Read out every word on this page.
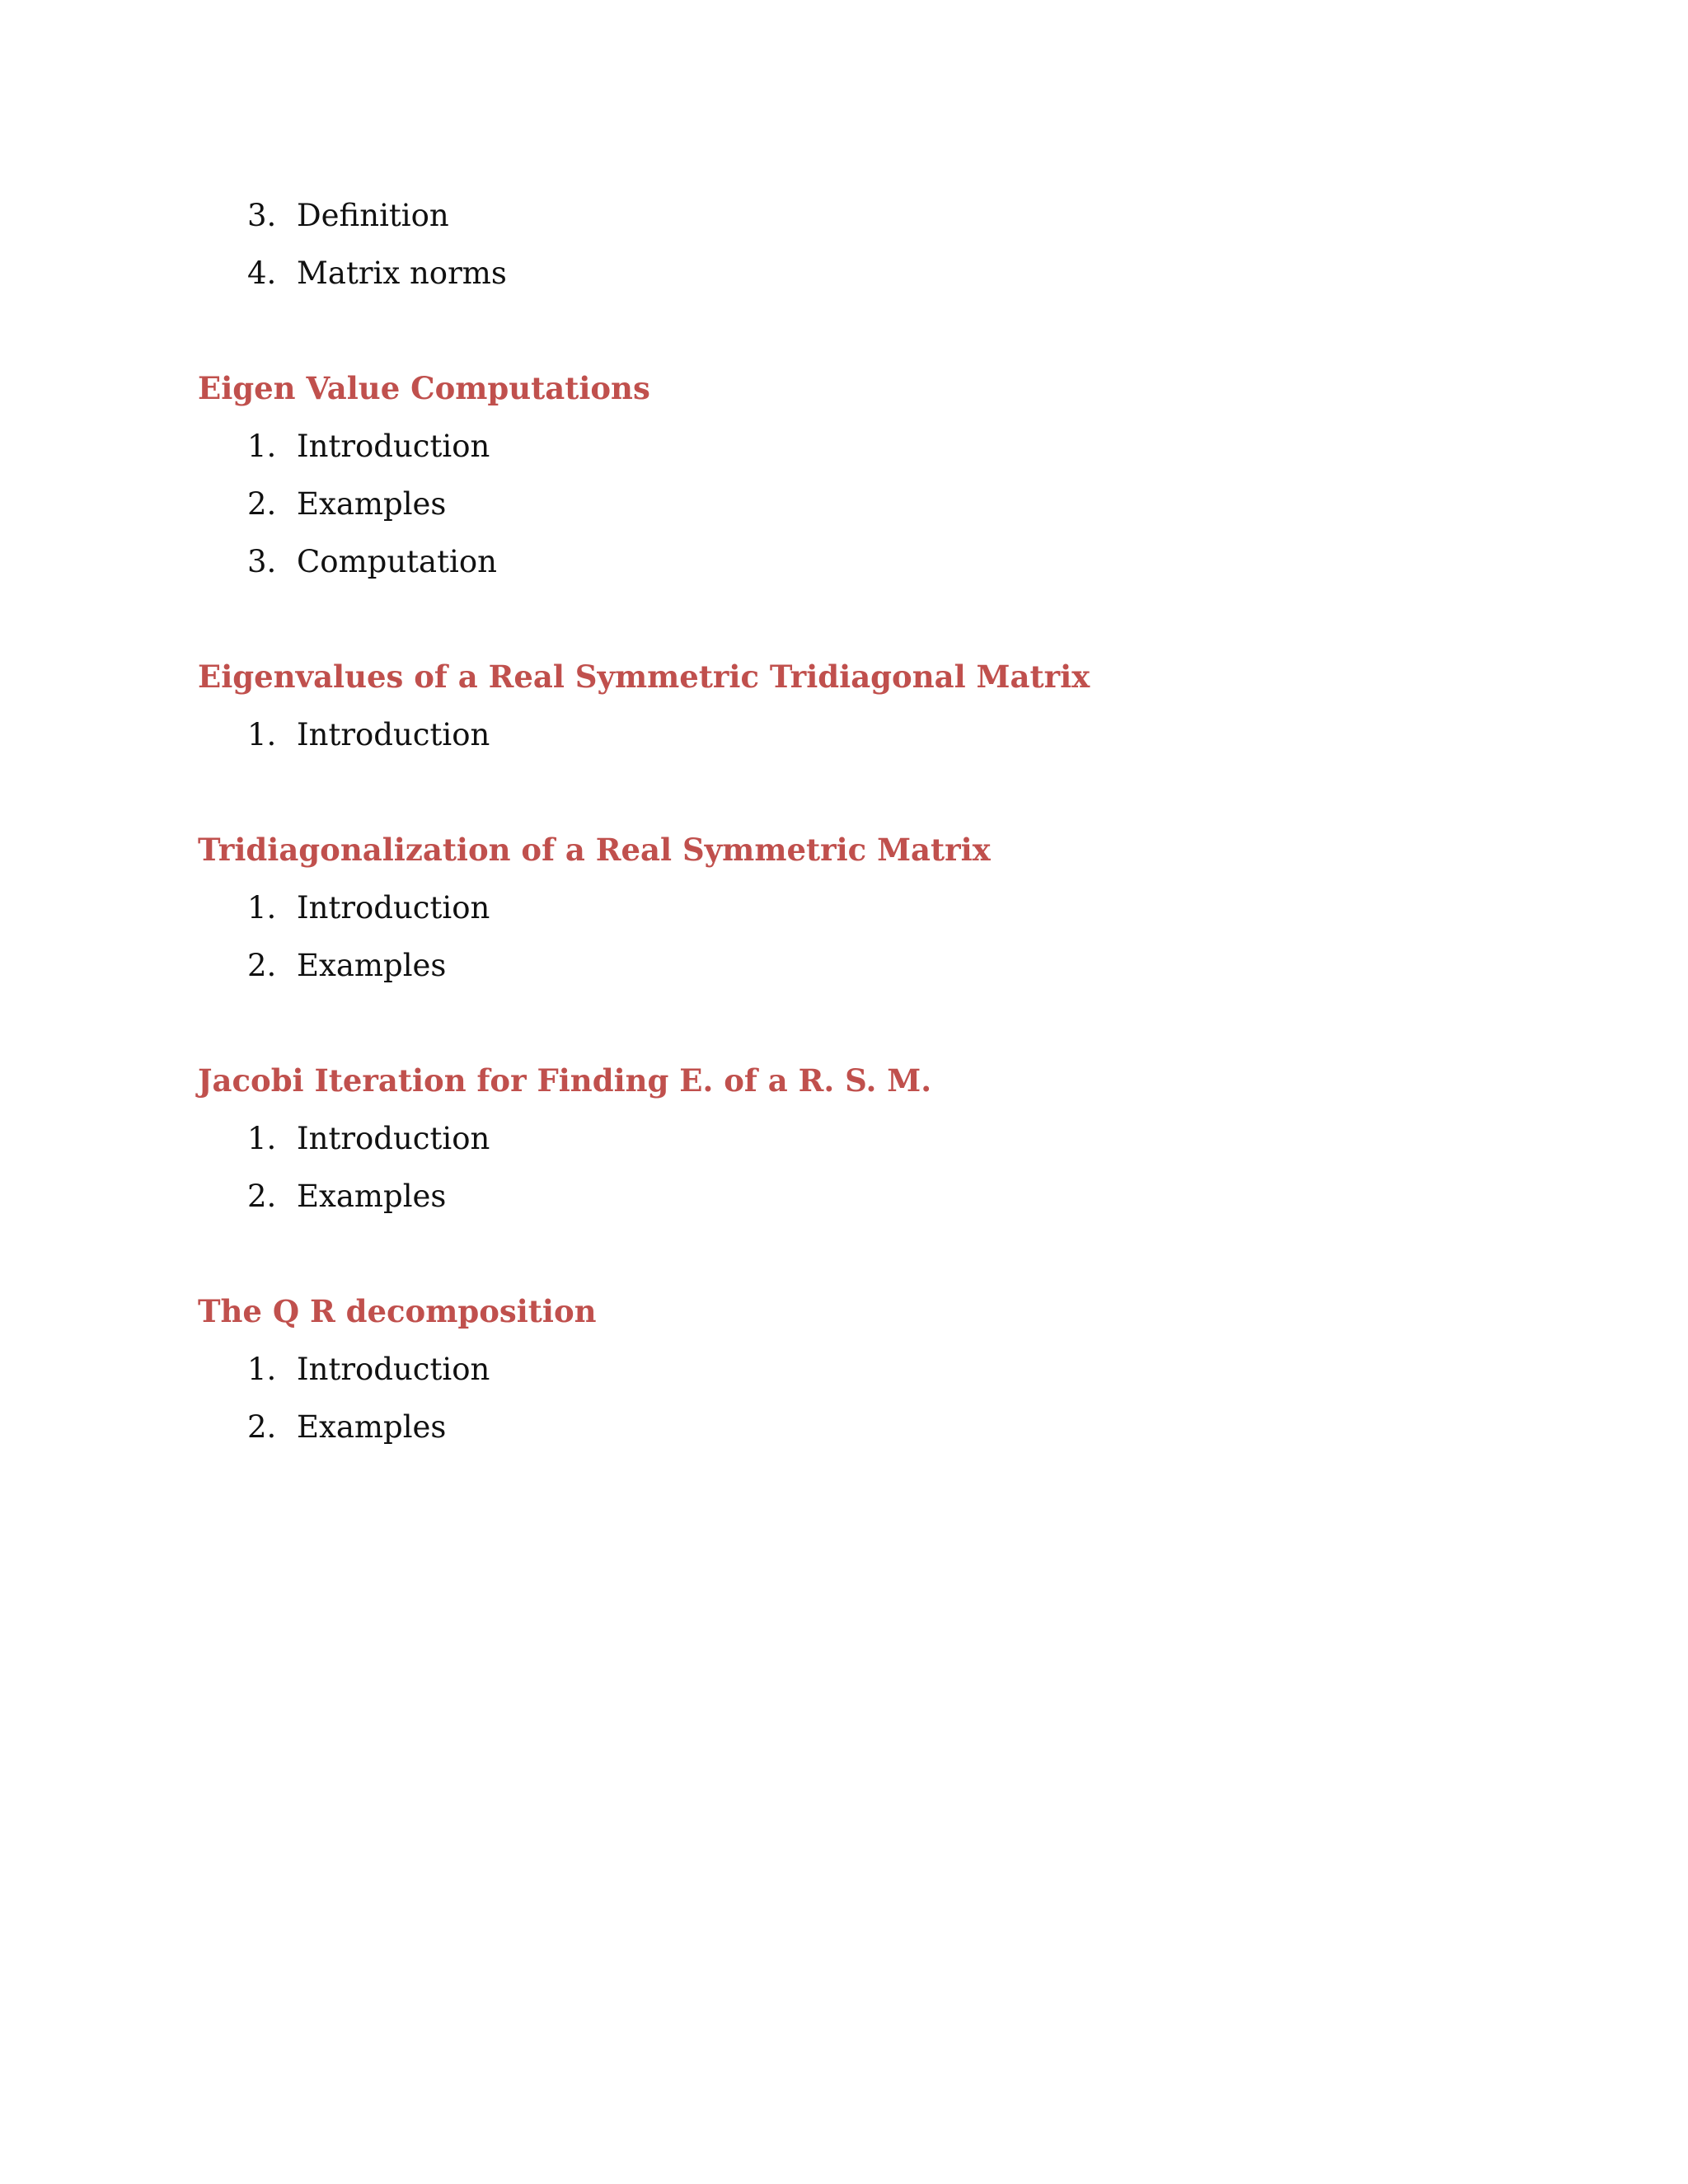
3. Definition

4. Matrix norms

Eigen Value Computations

1. Introduction

2. Examples

3. Computation

Eigenvalues of a Real Symmetric Tridiagonal Matrix

1. Introduction

Tridiagonalization of a Real Symmetric Matrix

1. Introduction

2. Examples

Jacobi Iteration for Finding E. of a R. S. M.

1. Introduction

2. Examples

The Q R decomposition

1. Introduction

2. Examples
